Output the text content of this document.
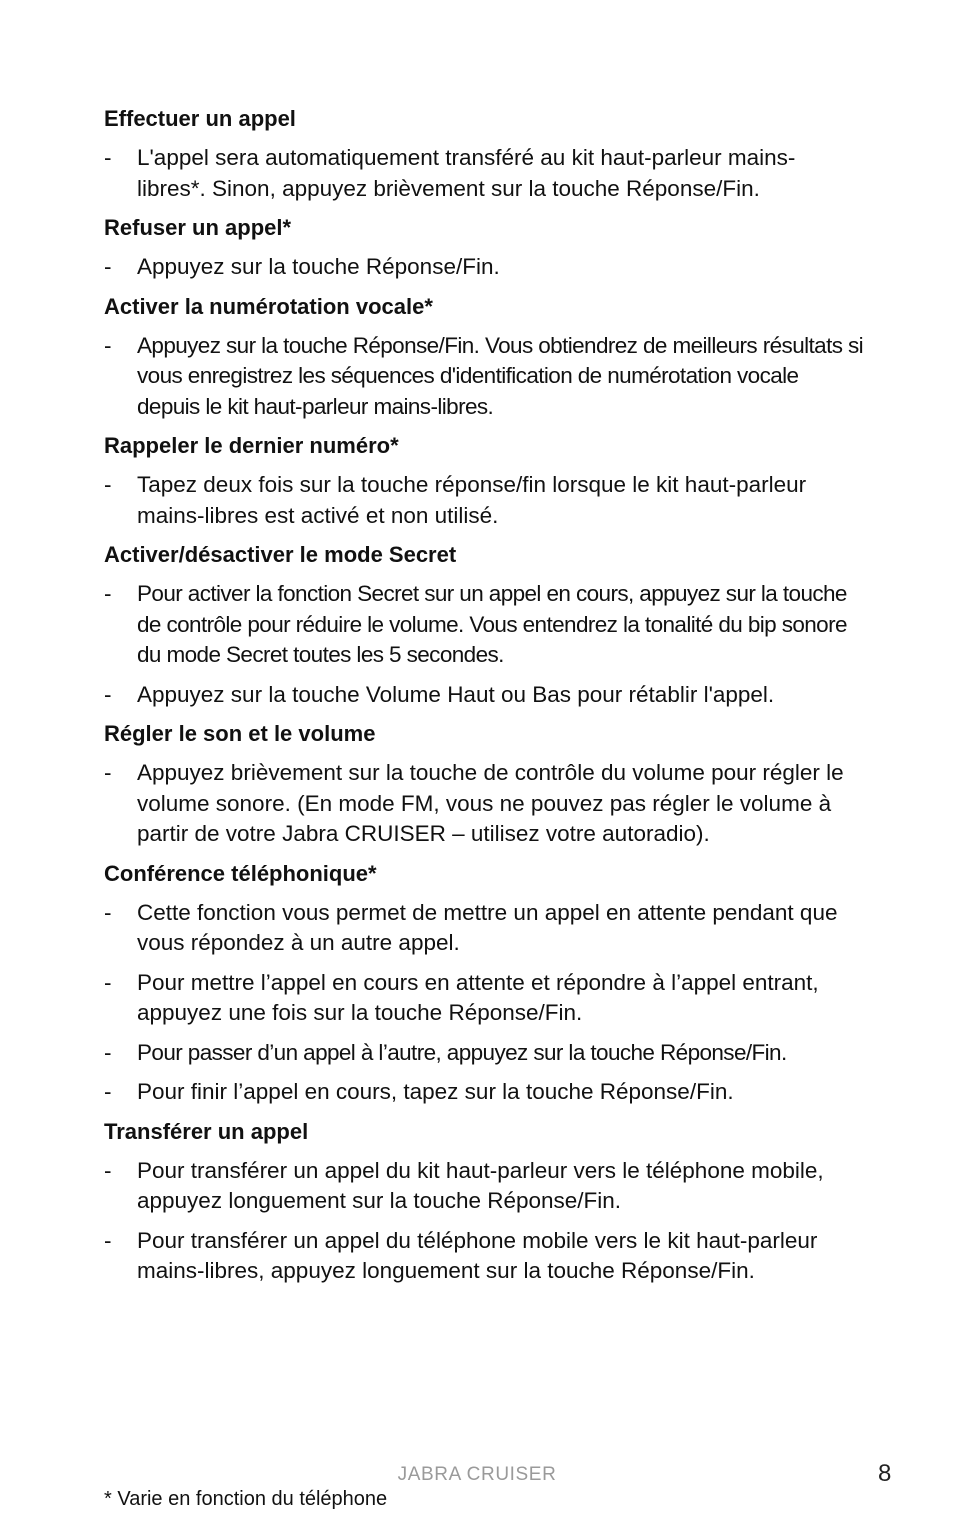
Effectuer un appel
-	L'appel sera automatiquement transféré au kit haut-parleur mains-libres*. Sinon, appuyez brièvement sur la touche Réponse/Fin.
Refuser un appel*
-	Appuyez sur la touche Réponse/Fin.
Activer la numérotation vocale*
-	Appuyez sur la touche Réponse/Fin. Vous obtiendrez de meilleurs résultats si vous enregistrez les séquences d'identification de numérotation vocale depuis le kit haut-parleur mains-libres.
Rappeler le dernier numéro*
-	Tapez deux fois sur la touche réponse/fin lorsque le kit haut-parleur mains-libres est activé et non utilisé.
Activer/désactiver le mode Secret
-	Pour activer la fonction Secret sur un appel en cours, appuyez sur la touche de contrôle pour réduire le volume. Vous entendrez la tonalité du bip sonore du mode Secret toutes les 5 secondes.
-	Appuyez sur la touche Volume Haut ou Bas pour rétablir l'appel.
Régler le son et le volume
-	Appuyez brièvement sur la touche de contrôle du volume pour régler le volume sonore. (En mode FM, vous ne pouvez pas régler le volume à partir de votre Jabra CRUISER – utilisez votre autoradio).
Conférence téléphonique*
-	Cette fonction vous permet de mettre un appel en attente pendant que vous répondez à un autre appel.
-	Pour mettre l’appel en cours en attente et répondre à l’appel entrant, appuyez une fois sur la touche Réponse/Fin.
-	Pour passer d’un appel à l’autre, appuyez sur la touche Réponse/Fin.
-	Pour finir l’appel en cours, tapez sur la touche Réponse/Fin.
Transférer un appel
-	Pour transférer un appel du kit haut-parleur vers le téléphone mobile, appuyez longuement sur la touche Réponse/Fin.
-	Pour transférer un appel du téléphone mobile vers le kit haut-parleur mains-libres, appuyez longuement sur la touche Réponse/Fin.
JABRA CRUISER	8
* Varie en fonction du téléphone
